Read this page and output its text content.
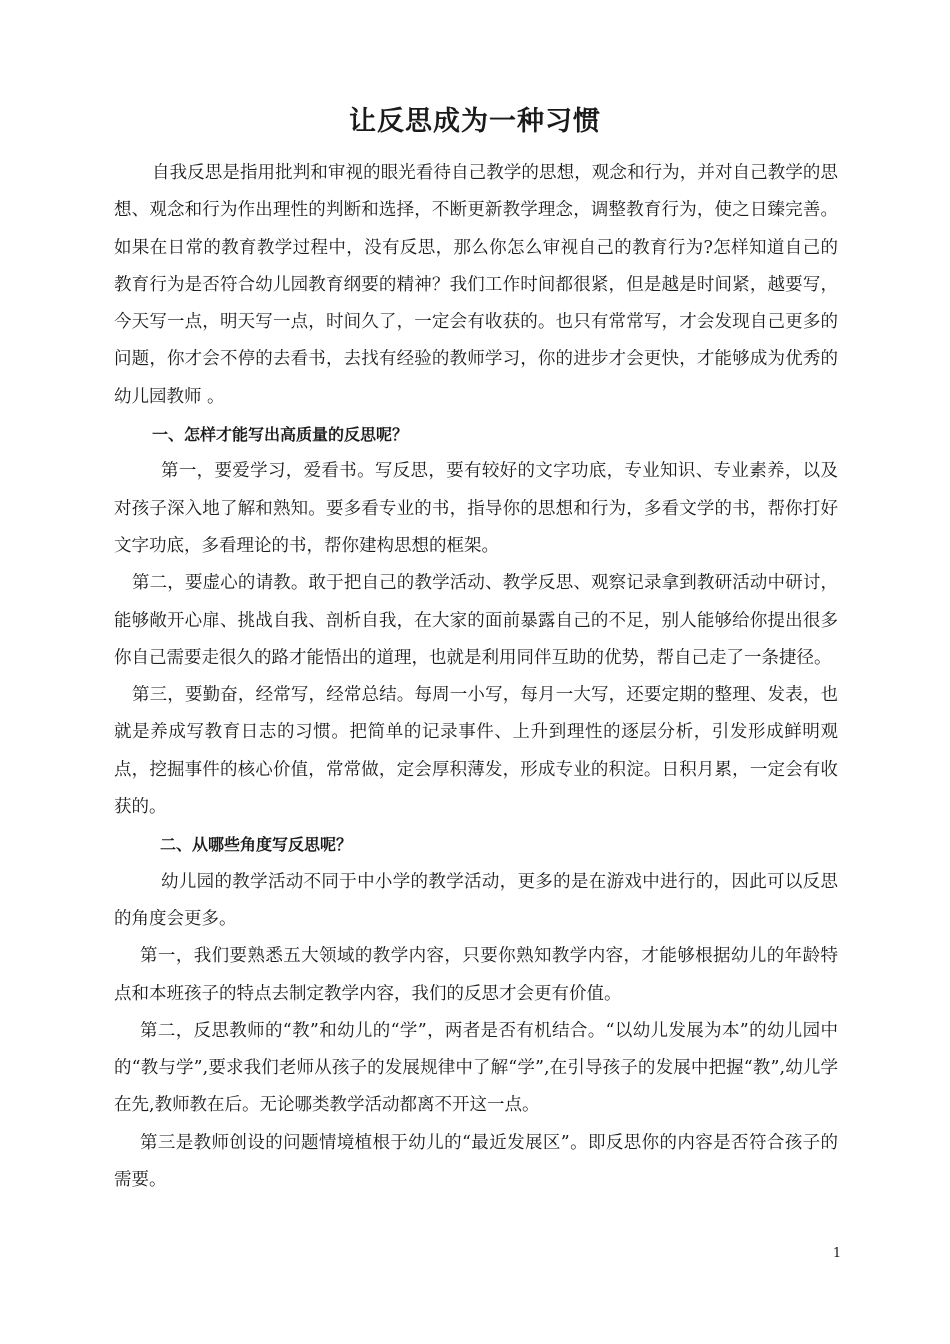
让反思成为一种习惯

自我反思是指用批判和审视的眼光看待自己教学的思想，观念和行为，并对自己教学的思想、观念和行为作出理性的判断和选择，不断更新教学理念，调整教育行为，使之日臻完善。如果在日常的教育教学过程中，没有反思，那么你怎么审视自己的教育行为?怎样知道自己的教育行为是否符合幼儿园教育纲要的精神？我们工作时间都很紧，但是越是时间紧，越要写，今天写一点，明天写一点，时间久了，一定会有收获的。也只有常常写，才会发现自己更多的问题，你才会不停的去看书，去找有经验的教师学习，你的进步才会更快，才能够成为优秀的幼儿园教师 。

一、怎样才能写出高质量的反思呢？

第一，要爱学习，爱看书。写反思，要有较好的文字功底，专业知识、专业素养，以及对孩子深入地了解和熟知。要多看专业的书，指导你的思想和行为，多看文学的书，帮你打好文字功底，多看理论的书，帮你建构思想的框架。

第二，要虚心的请教。敢于把自己的教学活动、教学反思、观察记录拿到教研活动中研讨，能够敞开心扉、挑战自我、剖析自我，在大家的面前暴露自己的不足，别人能够给你提出很多你自己需要走很久的路才能悟出的道理，也就是利用同伴互助的优势，帮自己走了一条捷径。

第三，要勤奋，经常写，经常总结。每周一小写，每月一大写，还要定期的整理、发表，也就是养成写教育日志的习惯。把简单的记录事件、上升到理性的逐层分析，引发形成鲜明观点，挖掘事件的核心价值，常常做，定会厚积薄发，形成专业的积淀。日积月累，一定会有收获的。

二、从哪些角度写反思呢？

幼儿园的教学活动不同于中小学的教学活动，更多的是在游戏中进行的，因此可以反思的角度会更多。

第一，我们要熟悉五大领域的教学内容，只要你熟知教学内容，才能够根据幼儿的年龄特点和本班孩子的特点去制定教学内容，我们的反思才会更有价值。

第二，反思教师的“教”和幼儿的“学”，两者是否有机结合。“以幼儿发展为本”的幼儿园中的“教与学”,要求我们老师从孩子的发展规律中了解“学”,在引导孩子的发展中把握“教”,幼儿学在先,教师教在后。无论哪类教学活动都离不开这一点。

第三是教师创设的问题情境植根于幼儿的“最近发展区”。即反思你的内容是否符合孩子的需要。

1
